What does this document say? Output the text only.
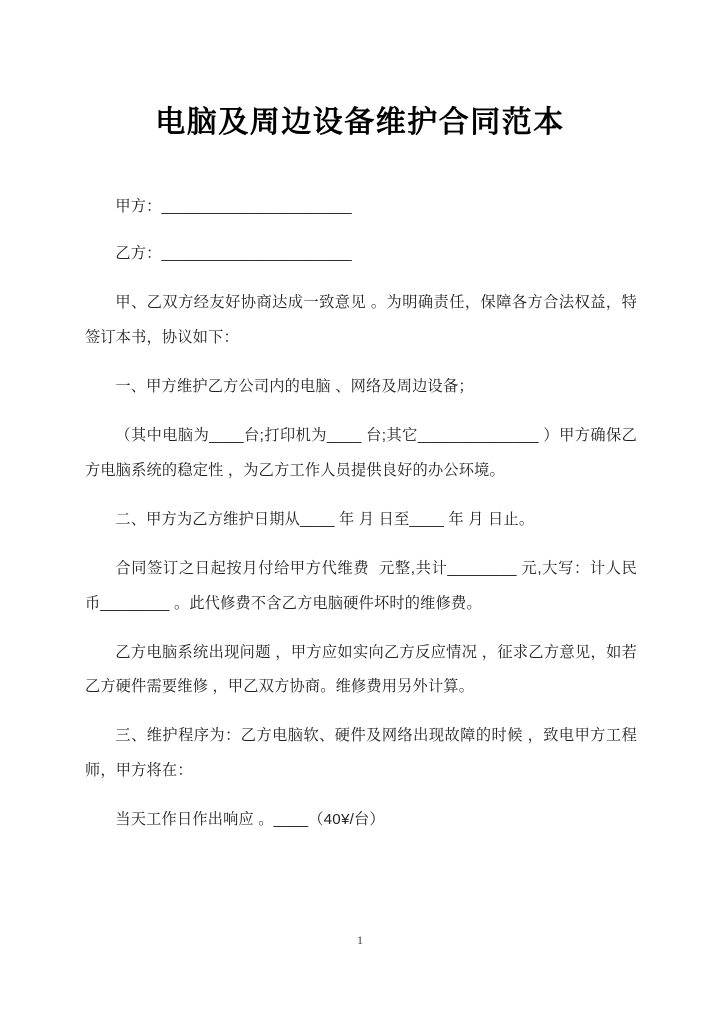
电脑及周边设备维护合同范本

甲方：______________________

乙方：______________________

甲、乙双方经友好协商达成一致意见 。为明确责任，保障各方合法权益，特签订本书，协议如下：

一、甲方维护乙方公司内的电脑 、网络及周边设备；

（其中电脑为____台;打印机为____ 台;其它______________ ）甲方确保乙方电脑系统的稳定性 ，为乙方工作人员提供良好的办公环境。

二、甲方为乙方维护日期从____ 年 月 日至____ 年 月 日止。

合同签订之日起按月付给甲方代维费  元整,共计________ 元,大写：计人民币________ 。此代修费不含乙方电脑硬件坏时的维修费。

乙方电脑系统出现问题 ，甲方应如实向乙方反应情况 ，征求乙方意见，如若乙方硬件需要维修 ，甲乙双方协商。维修费用另外计算。

三、维护程序为：乙方电脑软、硬件及网络出现故障的时候 ，致电甲方工程师，甲方将在：

当天工作日作出响应 。____（40¥/台）

1
